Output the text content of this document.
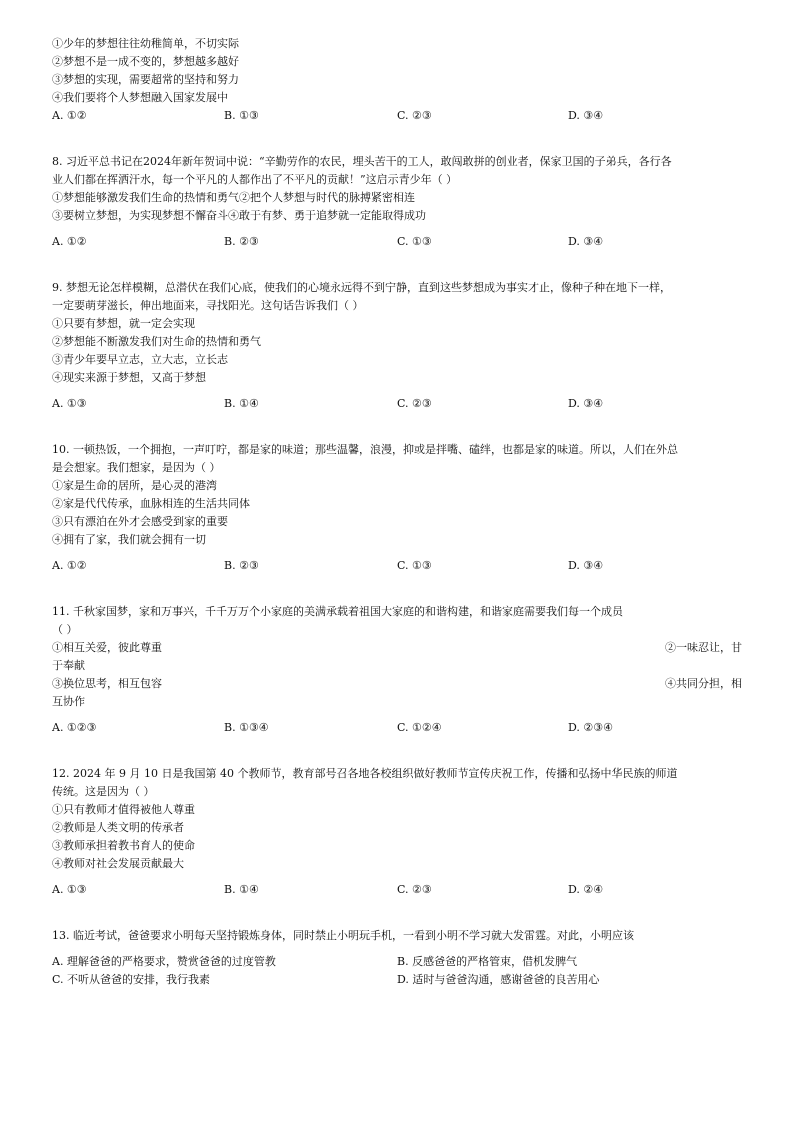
①少年的梦想往往幼稚简单，不切实际
②梦想不是一成不变的，梦想越多越好
③梦想的实现，需要超常的坚持和努力
④我们要将个人梦想融入国家发展中
A. ①②	B. ①③	C. ②③	D. ③④
8. 习近平总书记在2024年新年贺词中说：“辛勤劳作的农民，埋头苦干的工人，敢闯敢拼的创业者，保家卫国的子弟兵，各行各
业人们都在挥洒汗水，每一个平凡的人都作出了不平凡的贡献！”这启示青少年（ ）
①梦想能够激发我们生命的热情和勇气②把个人梦想与时代的脉搏紧密相连
③要树立梦想，为实现梦想不懈奋斗④敢于有梦、勇于追梦就一定能取得成功
A. ①②	B. ②③	C. ①③	D. ③④
9. 梦想无论怎样模糊，总潜伏在我们心底，使我们的心境永远得不到宁静，直到这些梦想成为事实才止，像种子种在地下一样，
一定要萌芽滋长，伸出地面来，寻找阳光。这句话告诉我们（ ）
①只要有梦想，就一定会实现
②梦想能不断激发我们对生命的热情和勇气
③青少年要早立志，立大志，立长志
④现实来源于梦想，又高于梦想
A. ①③	B. ①④	C. ②③	D. ③④
10. 一顿热饭，一个拥抱，一声叮咛，都是家的味道；那些温馨，浪漫，抑或是拌嘴、磕绊，也都是家的味道。所以，人们在外总
是会想家。我们想家，是因为（ ）
①家是生命的居所，是心灵的港湾
②家是代代传承，血脉相连的生活共同体
③只有漂泊在外才会感受到家的重要
④拥有了家，我们就会拥有一切
A. ①②	B. ②③	C. ①③	D. ③④
11. 千秋家国梦，家和万事兴，千千万万个小家庭的美满承载着祖国大家庭的和谐构建，和谐家庭需要我们每一个成员
（ ）
①相互关爱，彼此尊重	②一味忍让，甘
于奉献
③换位思考，相互包容	④共同分担，相
互协作
A. ①②③	B. ①③④	C. ①②④	D. ②③④
12. 2024 年 9 月 10 日是我国第 40 个教师节，教育部号召各地各校组织做好教师节宣传庆祝工作，传播和弘扬中华民族的师道
传统。这是因为（ ）
①只有教师才值得被他人尊重
②教师是人类文明的传承者
③教师承担着教书育人的使命
④教师对社会发展贡献最大
A. ①③	B. ①④	C. ②③	D. ②④
13. 临近考试，爸爸要求小明每天坚持锻炼身体，同时禁止小明玩手机，一看到小明不学习就大发雷霆。对此，小明应该
A. 理解爸爸的严格要求，赞赏爸爸的过度管教	B. 反感爸爸的严格管束，借机发脾气
C. 不听从爸爸的安排，我行我素	D. 适时与爸爸沟通，感谢爸爸的良苦用心
